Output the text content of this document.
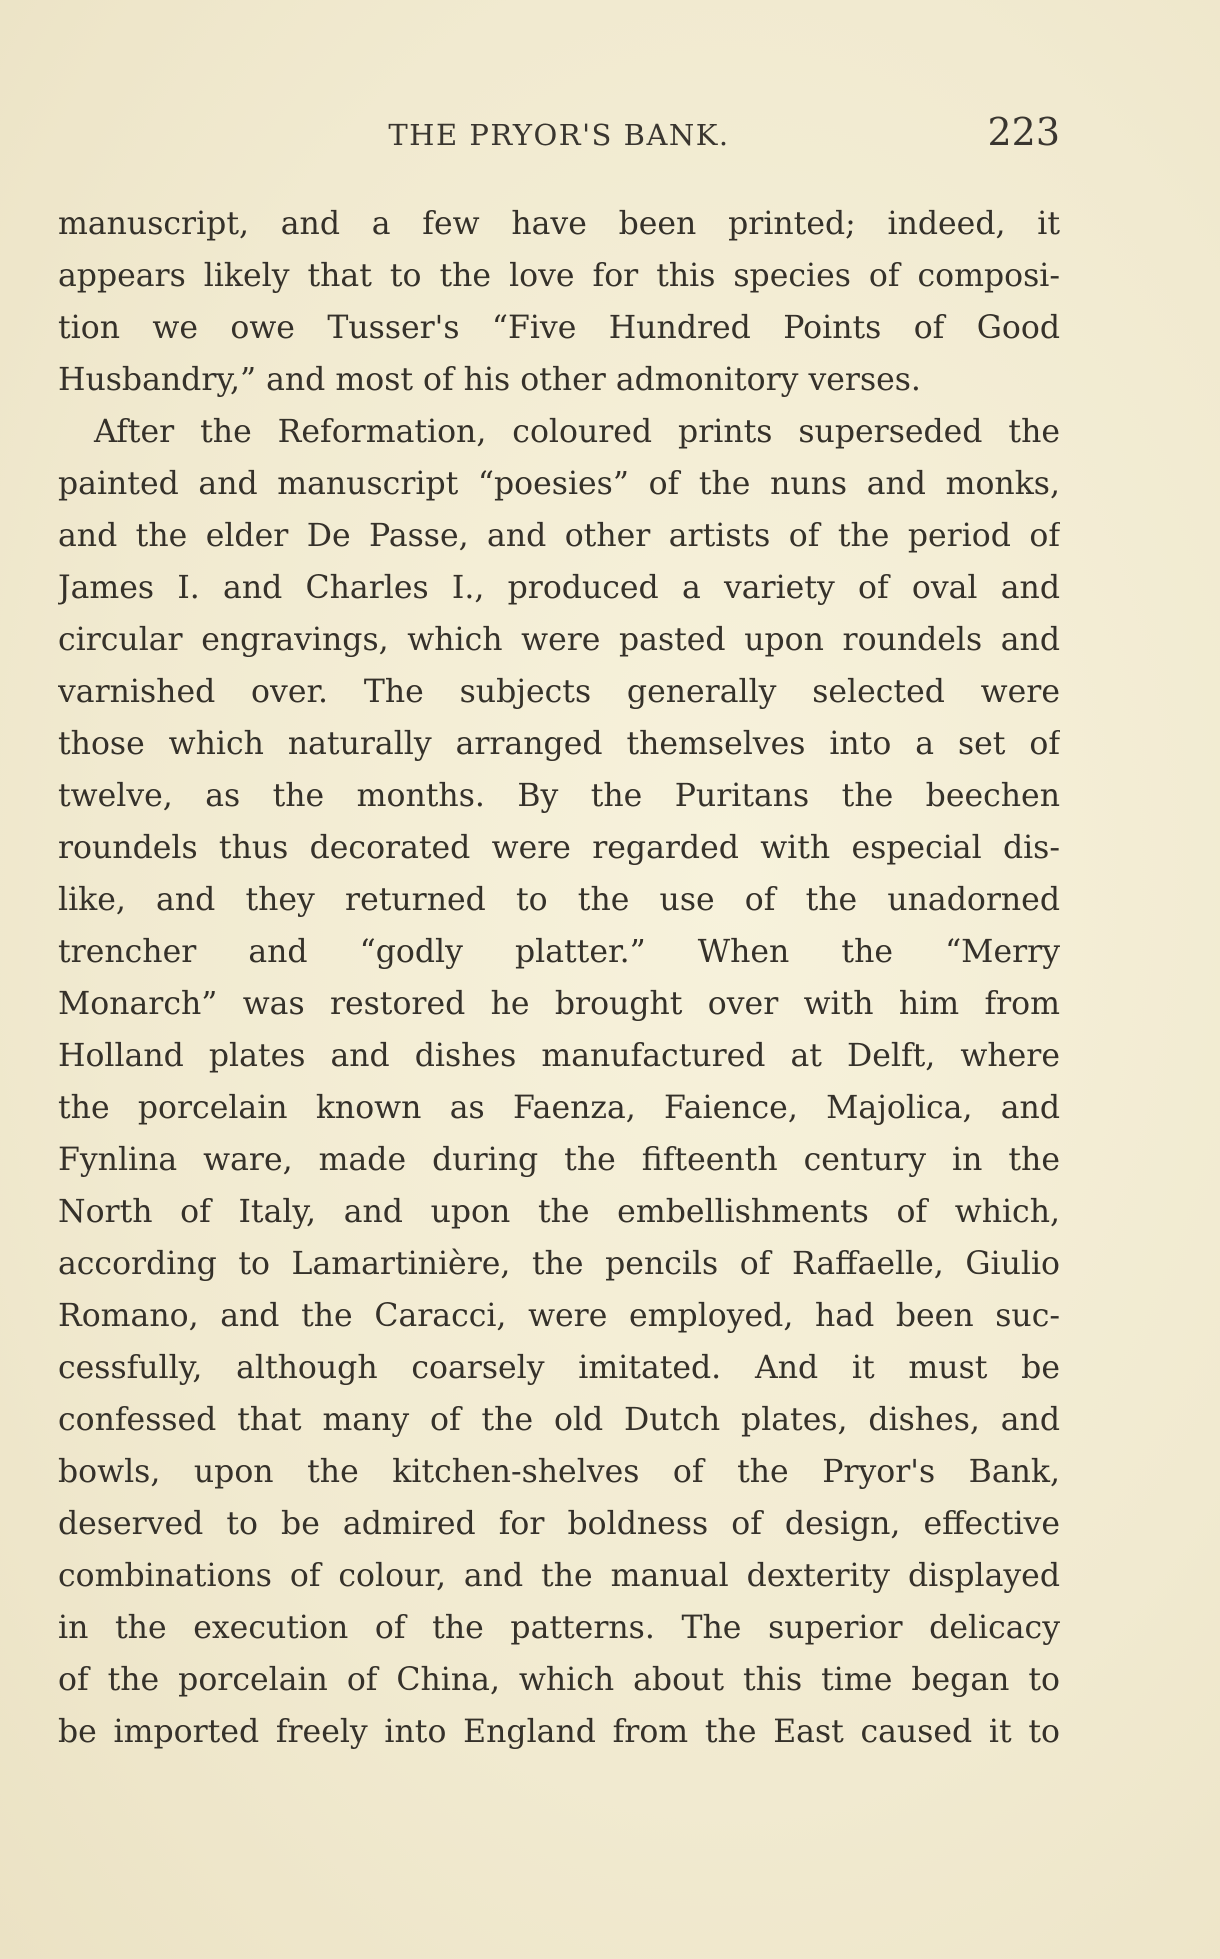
THE PRYOR'S BANK.	223
manuscript, and a few have been printed; indeed, it
appears likely that to the love for this species of composi-
tion we owe Tusser's “Five Hundred Points of Good
Husbandry,” and most of his other admonitory verses.
After the Reformation, coloured prints superseded the
painted and manuscript “poesies” of the nuns and monks,
and the elder De Passe, and other artists of the period of
James I. and Charles I., produced a variety of oval and
circular engravings, which were pasted upon roundels and
varnished over. The subjects generally selected were
those which naturally arranged themselves into a set of
twelve, as the months. By the Puritans the beechen
roundels thus decorated were regarded with especial dis-
like, and they returned to the use of the unadorned
trencher and “godly platter.” When the “Merry
Monarch” was restored he brought over with him from
Holland plates and dishes manufactured at Delft, where
the porcelain known as Faenza, Faience, Majolica, and
Fynlina ware, made during the fifteenth century in the
North of Italy, and upon the embellishments of which,
according to Lamartinière, the pencils of Raffaelle, Giulio
Romano, and the Caracci, were employed, had been suc-
cessfully, although coarsely imitated. And it must be
confessed that many of the old Dutch plates, dishes, and
bowls, upon the kitchen-shelves of the Pryor's Bank,
deserved to be admired for boldness of design, effective
combinations of colour, and the manual dexterity displayed
in the execution of the patterns. The superior delicacy
of the porcelain of China, which about this time began to
be imported freely into England from the East caused it to
